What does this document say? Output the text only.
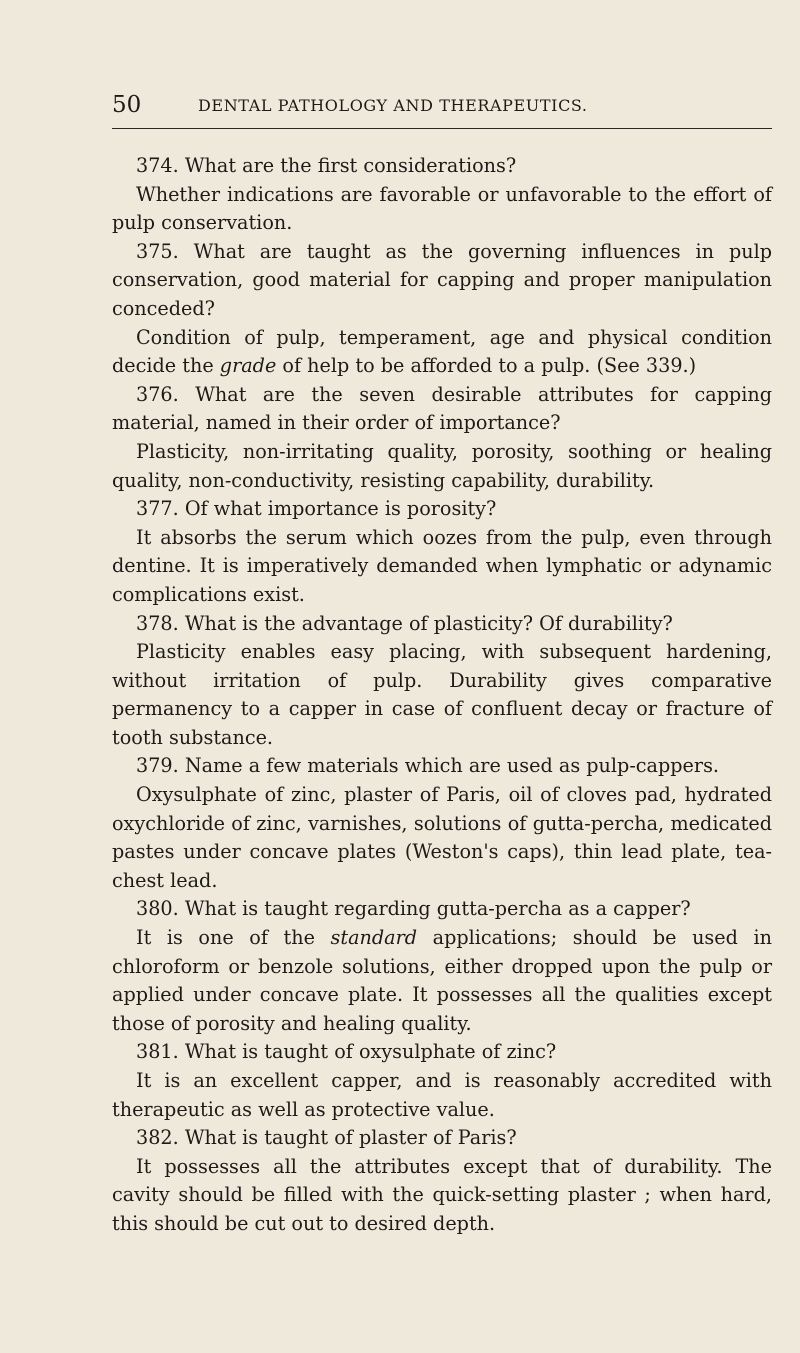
50	DENTAL PATHOLOGY AND THERAPEUTICS.

374. What are the first considerations?

Whether indications are favorable or unfavorable to the effort of pulp conservation.

375. What are taught as the governing influences in pulp conservation, good material for capping and proper manipulation conceded?

Condition of pulp, temperament, age and physical condition decide the grade of help to be afforded to a pulp. (See 339.)

376. What are the seven desirable attributes for capping material, named in their order of importance?

Plasticity, non-irritating quality, porosity, soothing or healing quality, non-conductivity, resisting capability, durability.

377. Of what importance is porosity?

It absorbs the serum which oozes from the pulp, even through dentine. It is imperatively demanded when lymphatic or adynamic complications exist.

378. What is the advantage of plasticity? Of durability?

Plasticity enables easy placing, with subsequent hardening, without irritation of pulp. Durability gives comparative permanency to a capper in case of confluent decay or fracture of tooth substance.

379. Name a few materials which are used as pulp-cappers.

Oxysulphate of zinc, plaster of Paris, oil of cloves pad, hydrated oxychloride of zinc, varnishes, solutions of gutta-percha, medicated pastes under concave plates (Weston's caps), thin lead plate, tea-chest lead.

380. What is taught regarding gutta-percha as a capper?

It is one of the standard applications; should be used in chloroform or benzole solutions, either dropped upon the pulp or applied under concave plate. It possesses all the qualities except those of porosity and healing quality.

381. What is taught of oxysulphate of zinc?

It is an excellent capper, and is reasonably accredited with therapeutic as well as protective value.

382. What is taught of plaster of Paris?

It possesses all the attributes except that of durability. The cavity should be filled with the quick-setting plaster ; when hard, this should be cut out to desired depth.
